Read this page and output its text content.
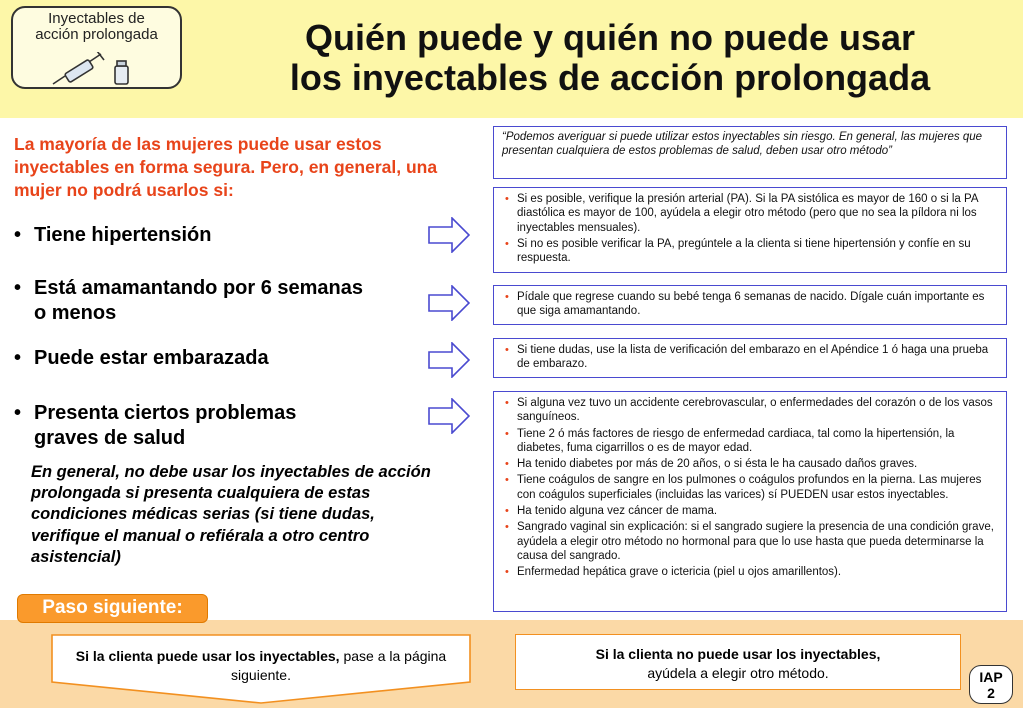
Inyectables de
acción prolongada	Quién puede y quién no puede usar
los inyectables de acción prolongada
La mayoría de las mujeres puede usar estos inyectables en forma segura. Pero, en general, una mujer no podrá usarlos si:
• Tiene hipertensión
• Está amamantando por 6 semanas
o menos
• Puede estar embarazada
• Presenta ciertos problemas
graves de salud
En general, no debe usar los inyectables de acción prolongada si presenta cualquiera de estas condiciones médicas serias (si tiene dudas, verifique el manual o refiérala a otro centro asistencial)
“Podemos averiguar si puede utilizar estos inyectables sin riesgo. En general, las mujeres que presentan cualquiera de estos problemas de salud, deben usar otro método”
• Si es posible, verifique la presión arterial (PA). Si la PA sistólica es mayor de 160 o si la PA diastólica es mayor de 100, ayúdela a elegir otro método (pero que no sea la píldora ni los inyectables mensuales).
• Si no es posible verificar la PA, pregúntele a la clienta si tiene hipertensión y confíe en su respuesta.
• Pídale que regrese cuando su bebé tenga 6 semanas de nacido. Dígale cuán importante es que siga amamantando.
• Si tiene dudas, use la lista de verificación del embarazo en el Apéndice 1 ó haga una prueba de embarazo.
• Si alguna vez tuvo un accidente cerebrovascular, o enfermedades del corazón o de los vasos sanguíneos.
• Tiene 2 ó más factores de riesgo de enfermedad cardiaca, tal como la hipertensión, la diabetes, fuma cigarrillos o es de mayor edad.
• Ha tenido diabetes por más de 20 años, o si ésta le ha causado daños graves.
• Tiene coágulos de sangre en los pulmones o coágulos profundos en la pierna. Las mujeres con coágulos superficiales (incluidas las varices) sí PUEDEN usar estos inyectables.
• Ha tenido alguna vez cáncer de mama.
• Sangrado vaginal sin explicación: si el sangrado sugiere la presencia de una condición grave, ayúdela a elegir otro método no hormonal para que lo use hasta que pueda determinarse la causa del sangrado.
• Enfermedad hepática grave o ictericia (piel u ojos amarillentos).
Paso siguiente:
Si la clienta puede usar los inyectables, pase a la página siguiente.
Si la clienta no puede usar los inyectables,
ayúdela a elegir otro método.	IAP
2
